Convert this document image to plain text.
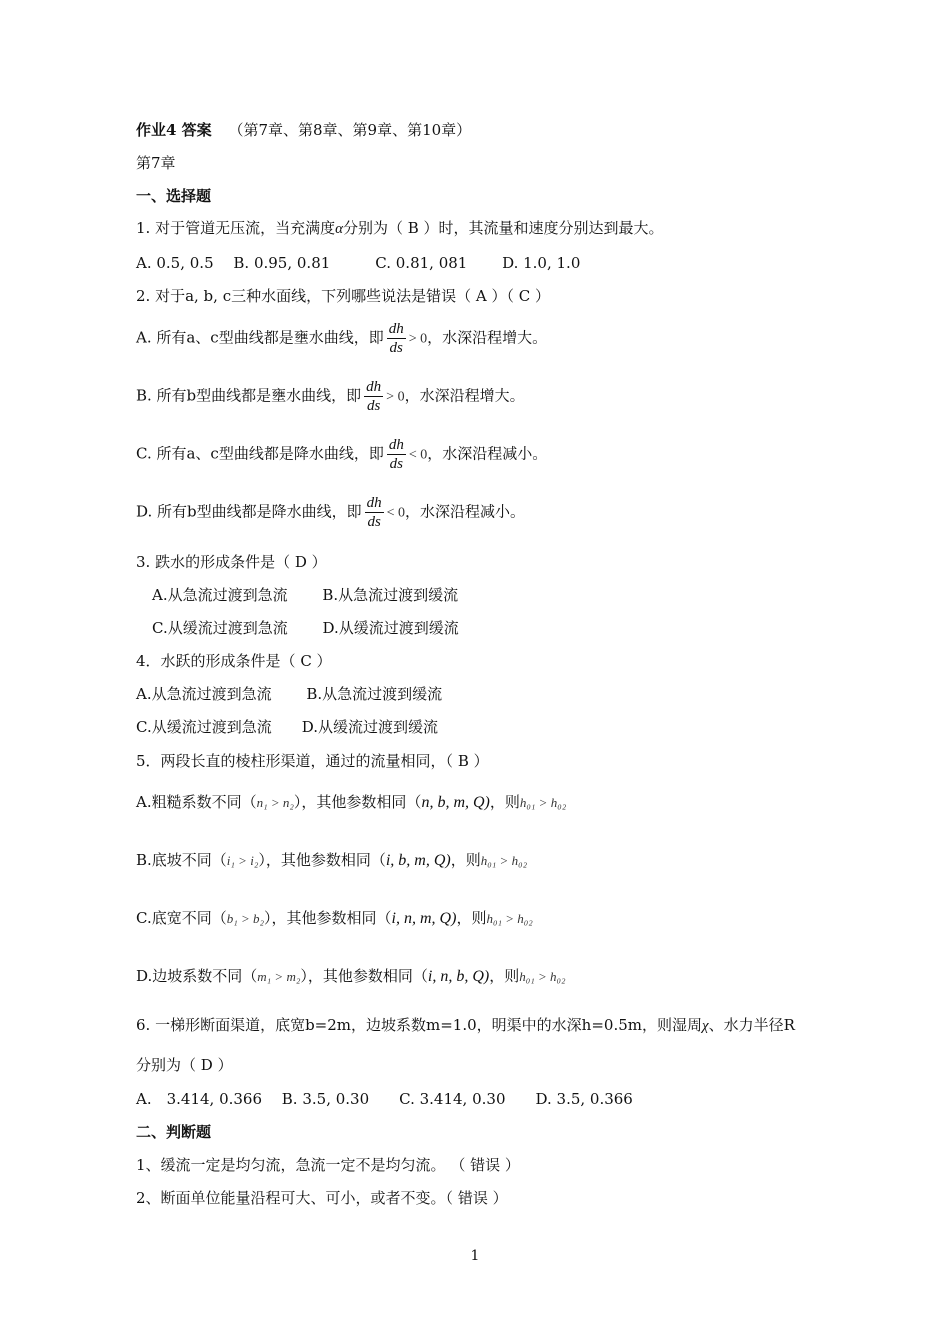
作业4 答案 （第7章、第8章、第9章、第10章）
第7章
一、选择题
1. 对于管道无压流，当充满度α分别为（ B ）时，其流量和速度分别达到最大。
A. 0.5, 0.5　 B. 0.95, 0.81　　　C. 0.81, 081　　 D. 1.0, 1.0
2. 对于a, b, c三种水面线，下列哪些说法是错误（ A ）（ C ）
A. 所有a、c型曲线都是壅水曲线，即 $\frac{dh}{ds} > 0$，水深沿程增大。
B. 所有b型曲线都是壅水曲线，即 $\frac{dh}{ds} > 0$，水深沿程增大。
C. 所有a、c型曲线都是降水曲线，即 $\frac{dh}{ds} < 0$，水深沿程减小。
D. 所有b型曲线都是降水曲线，即 $\frac{dh}{ds} < 0$，水深沿程减小。
3. 跌水的形成条件是（ D ）
A.从急流过渡到急流　　 B.从急流过渡到缓流
C.从缓流过渡到急流　　 D.从缓流过渡到缓流
4．水跃的形成条件是（ C ）
A.从急流过渡到急流　　 B.从急流过渡到缓流
C.从缓流过渡到急流　　D.从缓流过渡到缓流
5．两段长直的棱柱形渠道，通过的流量相同，（ B ）
A.粗糙系数不同（n₁ > n₂），其他参数相同（n, b, m, Q)，则h₀₁ > h₀₂
B.底坡不同（i₁ > i₂），其他参数相同（i, b, m, Q)，则h₀₁ > h₀₂
C.底宽不同（b₁ > b₂），其他参数相同（i, n, m, Q)，则h₀₁ > h₀₂
D.边坡系数不同（m₁ > m₂），其他参数相同（i, n, b, Q)，则h₀₁ > h₀₂
6. 一梯形断面渠道，底宽b=2m，边坡系数m=1.0，明渠中的水深h=0.5m，则湿周χ、水力半径R
分别为（ D ）
A.　3.414, 0.366　 B. 3.5, 0.30　　C. 3.414, 0.30　　D. 3.5, 0.366
二、判断题
1、缓流一定是均匀流，急流一定不是均匀流。 （ 错误 ）
2、断面单位能量沿程可大、可小，或者不变。（ 错误 ）
1
